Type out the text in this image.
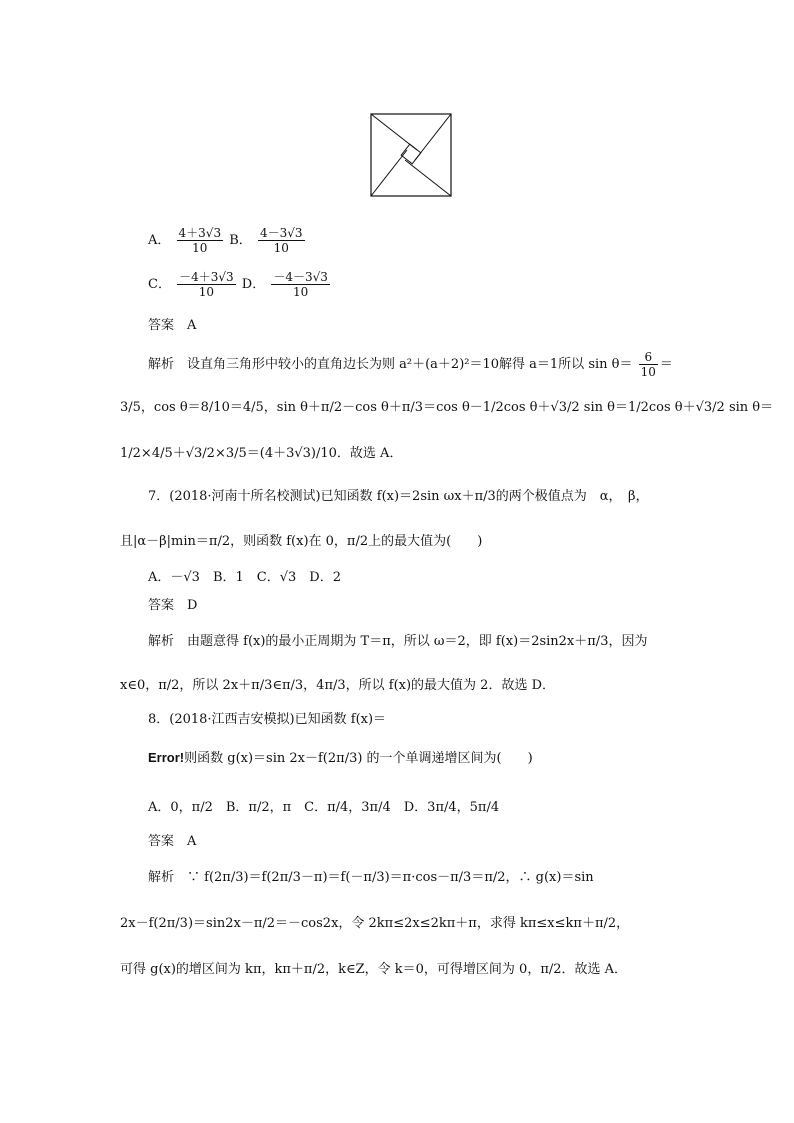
A． $\frac{4+3√3}{10}$ B． $\frac{4-3√3}{10}$
C． $\frac{-4+3√3}{10}$ D． $\frac{-4-3√3}{10}$
答案　A
解析　设直角三角形中较小的直角边长为则 a²＋(a＋2)²＝10解得 a＝1所以 $\sin \theta= \frac{6}{10}$ ＝
3/5，cos θ＝8/10＝4/5，sin θ＋π/2－cos θ＋π/3＝cos θ－1/2cos θ＋√3/2 sin θ＝1/2cos θ＋√3/2 sin θ＝
1/2×4/5＋√3/2×3/5＝(4＋3√3)/10．故选 A．
7．(2018·河南十所名校测试)已知函数 f(x)＝2sin ωx＋π/3的两个极值点为　α，　β，
且|α－β|min＝π/2，则函数 f(x)在 0，π/2上的最大值为(　　)
A．－√3　B．1　C．√3　D．2
答案　D
解析　由题意得 f(x)的最小正周期为 T＝π，所以 ω＝2，即 f(x)＝2sin2x＋π/3，因为
x∈0，π/2，所以 2x＋π/3∈π/3，4π/3，所以 f(x)的最大值为 2．故选 D．
8．(2018·江西吉安模拟)已知函数 f(x)＝
Error!则函数 g(x)＝sin 2x－f(2π/3) 的一个单调递增区间为(　　)
A．0，π/2　B．π/2，π　C．π/4，3π/4　D．3π/4，5π/4
答案　A
解析　∵ f(2π/3)＝f(2π/3－π)＝f(－π/3)＝π·cos－π/3＝π/2，∴ g(x)＝sin
2x－f(2π/3)＝sin2x－π/2＝－cos2x，令 2kπ≤2x≤2kπ＋π，求得 kπ≤x≤kπ＋π/2，
可得 g(x)的增区间为 kπ，kπ＋π/2，k∈Z，令 k＝0，可得增区间为 0，π/2．故选 A．
